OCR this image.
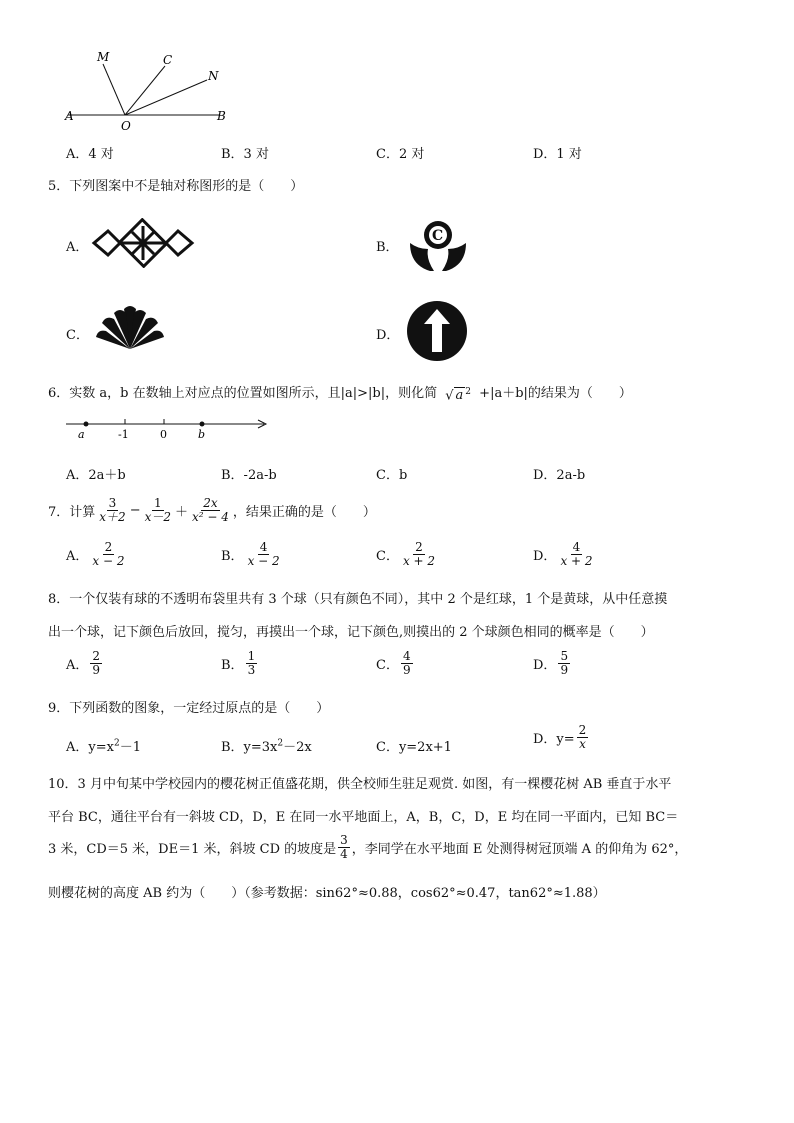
M	C
N
A
O
B
A．4 对	B．3 对	C．2 对	D．1 对
5．下列图案中不是轴对称图形的是（　　）
A．	B．
C
C．	D．
6．实数 a，b 在数轴上对应点的位置如图所示，且|a|>|b|，则化简 √ a $^2$ +|a＋b|的结果为（　　）
a	-1	0	b
A．2a＋b	B．-2a-b	C．b	D．2a-b
7．计算 $\frac{3}{x+2} - \frac{1}{x-2} + \frac{2x}{\text{x² − 4}}$ ，结果正确的是（　　）
A． $\frac{2}{x - 2}$	B． $\frac{4}{x - 2}$	C． $\frac{2}{x + 2}$	D． $\frac{4}{x + 2}$
8．一个仅装有球的不透明布袋里共有 3 个球（只有颜色不同），其中 2 个是红球，1 个是黄球，从中任意摸
出一个球，记下颜色后放回，搅匀，再摸出一个球，记下颜色,则摸出的 2 个球颜色相同的概率是（　　）
A． $\frac{2}{9}$	B． $\frac{1}{3}$	C． $\frac{4}{9}$	D． $\frac{5}{9}$
9．下列函数的图象，一定经过原点的是（　　）
A．$y=x^2-1$	B．$y=3x^2-2x$	C．y=2x+1
D．$y= \frac{2}{x}$
10．3 月中旬某中学校园内的樱花树正值盛花期，供全校师生驻足观赏. 如图，有一棵樱花树 AB 垂直于水平
平台 BC，通往平台有一斜坡 CD，D，E 在同一水平地面上，A，B，C，D，E 均在同一平面内，已知 BC＝
3 米，CD＝5 米，DE＝1 米，斜坡 CD 的坡度是 $\frac{3}{4}$ ，李同学在水平地面 E 处测得树冠顶端 A 的仰角为 62°，
则樱花树的高度 AB 约为（　　）（参考数据：sin62°≈0.88，cos62°≈0.47，tan62°≈1.88）
